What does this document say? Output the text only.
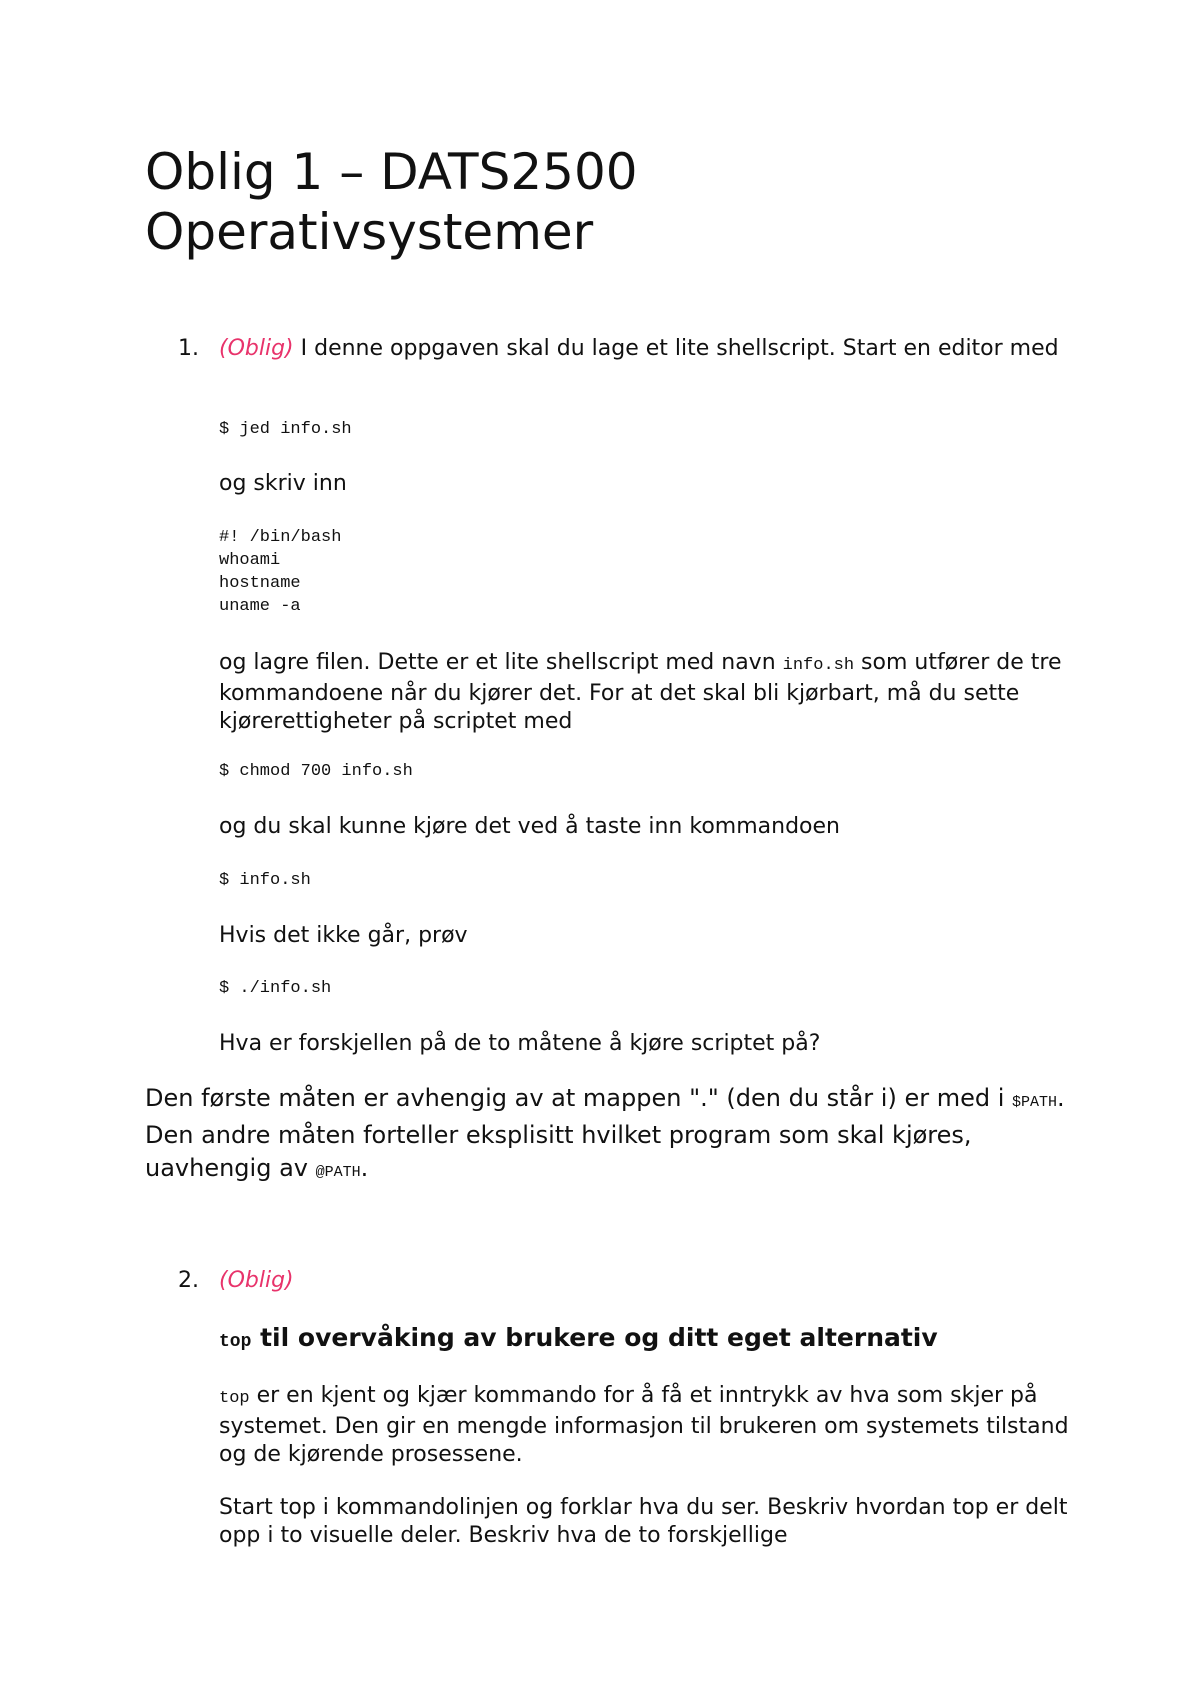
Oblig 1 – DATS2500
Operativsystemer
1. (Oblig) I denne oppgaven skal du lage et lite shellscript. Start en editor med

$ jed info.sh

og skriv inn

#! /bin/bash
whoami
hostname
uname -a

og lagre filen. Dette er et lite shellscript med navn info.sh som utfører de tre kommandoene når du kjører det. For at det skal bli kjørbart, må du sette kjørerettigheter på scriptet med

$ chmod 700 info.sh

og du skal kunne kjøre det ved å taste inn kommandoen

$ info.sh

Hvis det ikke går, prøv

$ ./info.sh

Hva er forskjellen på de to måtene å kjøre scriptet på?

Den første måten er avhengig av at mappen "." (den du står i) er med i $PATH. Den andre måten forteller eksplisitt hvilket program som skal kjøres, uavhengig av @PATH.

2. (Oblig)

top til overvåking av brukere og ditt eget alternativ

top er en kjent og kjær kommando for å få et inntrykk av hva som skjer på systemet. Den gir en mengde informasjon til brukeren om systemets tilstand og de kjørende prosessene.

Start top i kommandolinjen og forklar hva du ser. Beskriv hvordan top er delt opp i to visuelle deler. Beskriv hva de to forskjellige
